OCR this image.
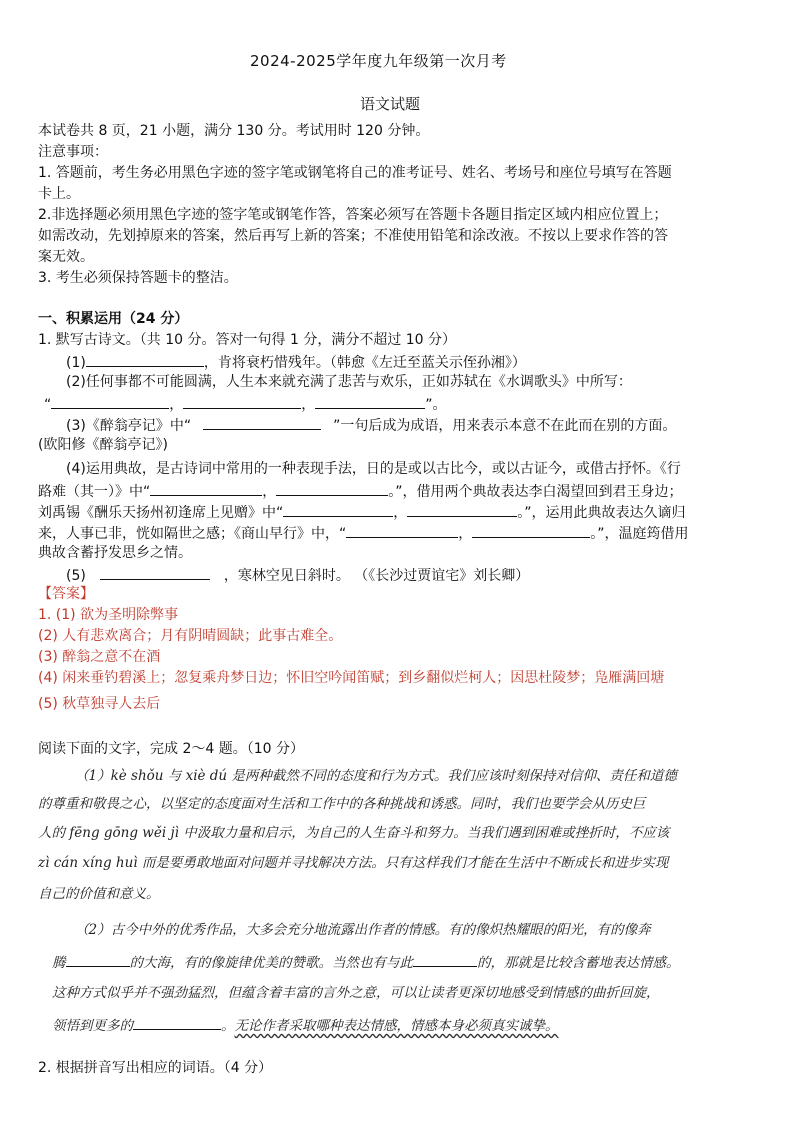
2024-2025学年度九年级第一次月考
语文试题
本试卷共 8 页，21 小题，满分 130 分。考试用时 120 分钟。
注意事项：
1. 答题前，考生务必用黑色字迹的签字笔或钢笔将自己的准考证号、姓名、考场号和座位号填写在答题
卡上。
2.非选择题必须用黑色字迹的签字笔或钢笔作答，答案必须写在答题卡各题目指定区域内相应位置上；
如需改动，先划掉原来的答案，然后再写上新的答案；不准使用铅笔和涂改液。不按以上要求作答的答
案无效。
3. 考生必须保持答题卡的整洁。
一、积累运用（24 分）
1. 默写古诗文。（共 10 分。答对一句得 1 分，满分不超过 10 分）
(1)	，肯将衰朽惜残年。（韩愈《左迁至蓝关示侄孙湘》）
(2)任何事都不可能圆满，人生本来就充满了悲苦与欢乐，正如苏轼在《水调歌头》中所写：
“	，	，	”。
(3)《醉翁亭记》中“	”一句后成为成语，用来表示本意不在此而在别的方面。
(欧阳修《醉翁亭记》)
(4)运用典故，是古诗词中常用的一种表现手法，日的是或以古比今，或以古证今，或借古抒怀。《行
路难（其一）》中“	，	。”，借用两个典故表达李白渴望回到君王身边；
刘禹锡《酬乐天扬州初逢席上见赠》中“	，	。”，运用此典故表达久谪归
来，人事已非，恍如隔世之感；《商山早行》中，“	，	。”，温庭筠借用
典故含蓄抒发思乡之情。
(5)	，寒林空见日斜时。 （《长沙过贾谊宅》刘长卿）
【答案】
1. (1) 欲为圣明除弊事
(2) 人有悲欢离合；月有阴晴圆缺；此事古难全。
(3) 醉翁之意不在酒
(4) 闲来垂钓碧溪上；忽复乘舟梦日边；怀旧空吟闻笛赋；到乡翻似烂柯人；因思杜陵梦；凫雁满回塘
(5) 秋草独寻人去后
阅读下面的文字，完成 2～4 题。（10 分）
（1）kè shǒu 与 xiè dú 是两种截然不同的态度和行为方式。我们应该时刻保持对信仰、责任和道德
的尊重和敬畏之心，以坚定的态度面对生活和工作中的各种挑战和诱惑。同时，我们也要学会从历史巨
人的 fēng gōng wěi jì 中汲取力量和启示，为自己的人生奋斗和努力。当我们遇到困难或挫折时，不应该
zì cán xíng huì 而是要勇敢地面对问题并寻找解决方法。只有这样我们才能在生活中不断成长和进步实现
自己的价值和意义。
（2）古今中外的优秀作品，大多会充分地流露出作者的情感。有的像炽热耀眼的阳光，有的像奔
腾	的大海，有的像旋律优美的赞歌。当然也有与此	的，那就是比较含蓄地表达情感。
这种方式似乎并不强劲猛烈，但蕴含着丰富的言外之意，可以让读者更深切地感受到情感的曲折回旋，
领悟到更多的	。无论作者采取哪种表达情感，情感本身必须真实诚挚。
2. 根据拼音写出相应的词语。（4 分）
